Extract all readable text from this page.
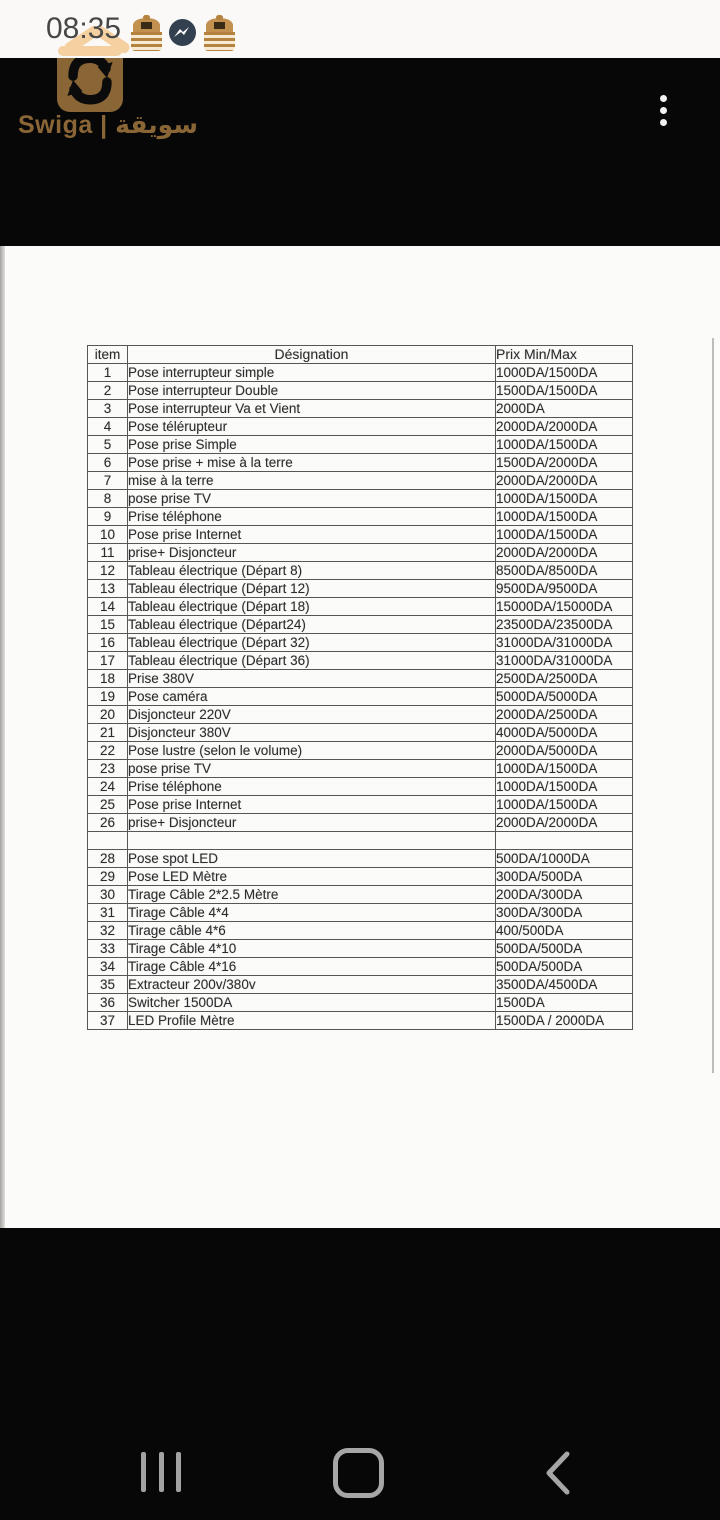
08:35
Swiga | سويقة
item	Désignation	Prix Min/Max
1	Pose interrupteur simple	1000DA/1500DA
2	Pose interrupteur Double	1500DA/1500DA
3	Pose interrupteur Va et Vient	2000DA
4	Pose télérupteur	2000DA/2000DA
5	Pose prise Simple	1000DA/1500DA
6	Pose prise + mise à la terre	1500DA/2000DA
7	mise à la terre	2000DA/2000DA
8	pose prise TV	1000DA/1500DA
9	Prise téléphone	1000DA/1500DA
10	Pose prise Internet	1000DA/1500DA
11	prise+ Disjoncteur	2000DA/2000DA
12	Tableau électrique (Départ 8)	8500DA/8500DA
13	Tableau électrique (Départ 12)	9500DA/9500DA
14	Tableau électrique (Départ 18)	15000DA/15000DA
15	Tableau électrique (Départ24)	23500DA/23500DA
16	Tableau électrique (Départ 32)	31000DA/31000DA
17	Tableau électrique (Départ 36)	31000DA/31000DA
18	Prise 380V	2500DA/2500DA
19	Pose caméra	5000DA/5000DA
20	Disjoncteur 220V	2000DA/2500DA
21	Disjoncteur 380V	4000DA/5000DA
22	Pose lustre (selon le volume)	2000DA/5000DA
23	pose prise TV	1000DA/1500DA
24	Prise téléphone	1000DA/1500DA
25	Pose prise Internet	1000DA/1500DA
26	prise+ Disjoncteur	2000DA/2000DA

28	Pose spot LED	500DA/1000DA
29	Pose LED Mètre	300DA/500DA
30	Tirage Câble 2*2.5 Mètre	200DA/300DA
31	Tirage Câble 4*4	300DA/300DA
32	Tirage câble 4*6	400/500DA
33	Tirage Câble 4*10	500DA/500DA
34	Tirage Câble 4*16	500DA/500DA
35	Extracteur 200v/380v	3500DA/4500DA
36	Switcher 1500DA	1500DA
37	LED Profile Mètre	1500DA / 2000DA
